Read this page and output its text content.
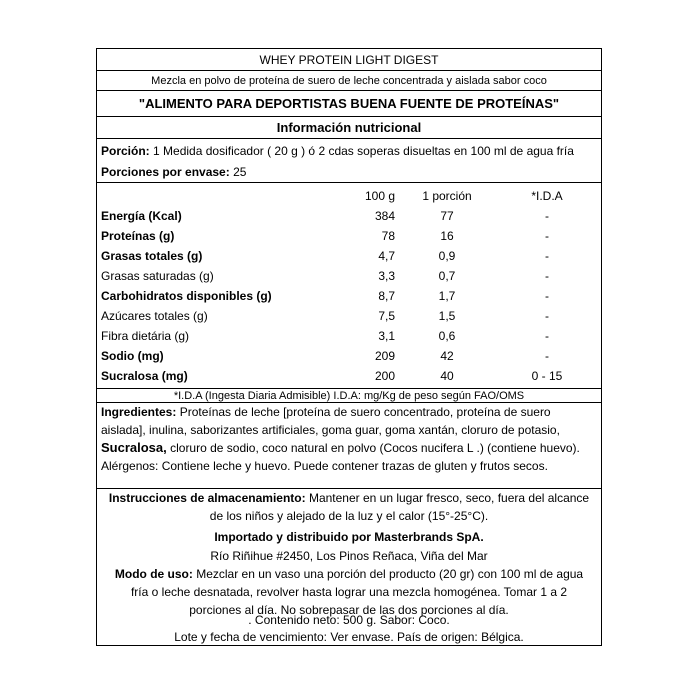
WHEY PROTEIN LIGHT DIGEST
Mezcla en polvo de proteína de suero de leche concentrada y aislada sabor coco
"ALIMENTO PARA DEPORTISTAS BUENA FUENTE DE PROTEÍNAS"
Información nutricional
Porción: 1 Medida dosificador ( 20 g ) ó 2 cdas soperas disueltas en 100 ml de agua fría
Porciones por envase: 25
100 g	1 porción	*I.D.A
Energía (Kcal)	384	77	-
Proteínas (g)	78	16	-
Grasas totales (g)	4,7	0,9	-
Grasas saturadas (g)	3,3	0,7	-
Carbohidratos disponibles (g)	8,7	1,7	-
Azúcares totales (g)	7,5	1,5	-
Fibra dietária (g)	3,1	0,6	-
Sodio (mg)	209	42	-
Sucralosa (mg)	200	40	0 - 15
*I.D.A (Ingesta Diaria Admisible) I.D.A: mg/Kg de peso según FAO/OMS
Ingredientes: Proteínas de leche [proteína de suero concentrado, proteína de suero aislada], inulina, saborizantes artificiales, goma guar, goma xantán, cloruro de potasio, Sucralosa, cloruro de sodio, coco natural en polvo (Cocos nucifera L .) (contiene huevo). Alérgenos: Contiene leche y huevo. Puede contener trazas de gluten y frutos secos.
Instrucciones de almacenamiento: Mantener en un lugar fresco, seco, fuera del alcance de los niños y alejado de la luz y el calor (15°-25°C).
Importado y distribuido por Masterbrands SpA.
Río Riñihue #2450, Los Pinos Reñaca, Viña del Mar
Modo de uso: Mezclar en un vaso una porción del producto (20 gr) con 100 ml de agua fría o leche desnatada, revolver hasta lograr una mezcla homogénea. Tomar 1 a 2 porciones al día. No sobrepasar de las dos porciones al día.
. Contenido neto: 500 g. Sabor: Coco.
Lote y fecha de vencimiento: Ver envase. País de origen: Bélgica.
